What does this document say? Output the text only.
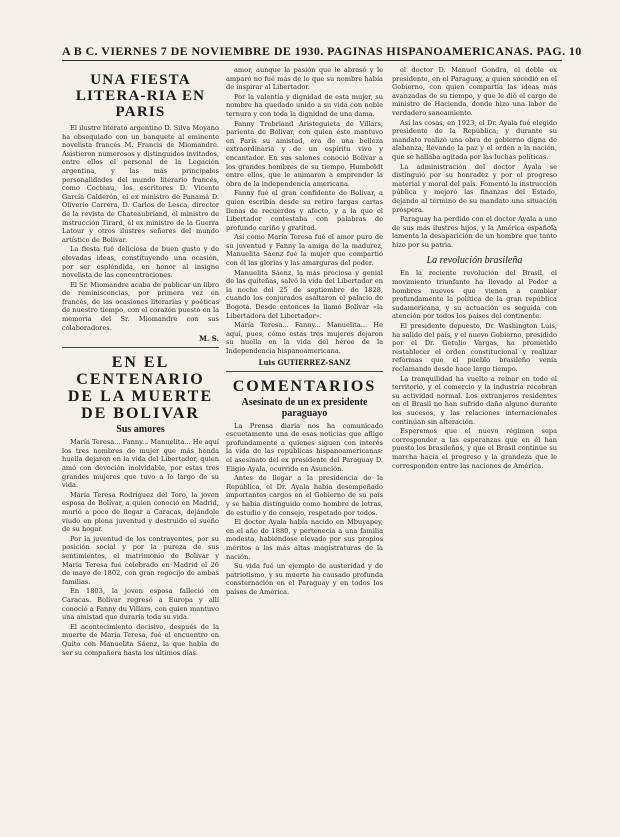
A B C. VIERNES 7 DE NOVIEMBRE DE 1930. PAGINAS HISPANOAMERICANAS. PAG. 10
UNA FIESTA LITERA-RIA EN PARIS
El ilustre literato argentino D. Silva Moyano ha obsequiado con un banquete al eminente novelista francés M. Francis de Miomandre. Asistieron numerosos y distinguidos invitados, entre ellos el personal de la Legación argentina, y las más principales personalidades del mundo literario francés, como Cocteau, los escritores D. Vicente García Calderón, el ex ministro de Panamá D. Oliverio Carrera, D. Carlos de Lesca, director de la revista de Chateaubriand, el ministro de instrucción Tirard, el ex ministro de la Guerra Latour y otros ilustres señores del mundo artístico de Bolivar.
La fiesta fué deliciosa de buen gusto y de elevadas ideas, constituyendo una ocasión, por ser espléndida, en honor al insigne novelista de las concentraciones.
El Sr. Miomandre acaba de publicar un libro de reminiscencias, por primera vez en francés, de las ocasiones literarias y poéticas de nuestro tiempo, con el corazón puesto en la memoria del Sr. Miomandre con sus colaboradores.
M. S.
EN EL CENTENARIO DE LA MUERTE DE BOLIVAR
Sus amores
María Teresa... Fanny... Manuelita... He aquí los tres nombres de mujer que más honda huella dejaron en la vida del Libertador, quien amó con devoción inolvidable, por estas tres grandes mujeres que tuvo a lo largo de su vida.
María Teresa Rodríguez del Toro, la joven esposa de Bolívar, a quien conoció en Madrid, murió a poco de llegar a Caracas, dejándole viudo en plena juventud y destruido el sueño de su hogar.
Por la juventud de los contrayentes, por su posición social y por la pureza de sus sentimientos, el matrimonio de Bolívar y María Teresa fué celebrado en Madrid el 26 de mayo de 1802, con gran regocijo de ambas familias.
En 1803, la joven esposa falleció en Caracas. Bolívar regresó a Europa y allí conoció a Fanny du Villars, con quien mantuvo una amistad que duraría toda su vida.
El acontecimiento decisivo, después de la muerte de María Teresa, fué el encuentro en Quito con Manuelita Sáenz, la que había de ser su compañera hasta los últimos días.
amor, aunque la pasión que le abrasó y le amparó no fué más de lo que su nombre había de inspirar al Libertador.
Por la valentía y dignidad de esta mujer, su nombre ha quedado unido a su vida con noble ternura y con toda la dignidad de una dama.
Fanny Trobriand Aristeguieta de Villars, parienta de Bolívar, con quien éste mantuvo en París su amistad, era de una belleza extraordinaria y de un espíritu vivo y encantador. En sus salones conoció Bolívar a los grandes hombres de su tiempo, Humboldt entre ellos, que le animaron a emprender la obra de la independencia americana.
Fanny fué el gran confidente de Bolívar, a quien escribía desde su retiro largas cartas llenas de recuerdos y afecto, y a la que el Libertador contestaba con palabras de profundo cariño y gratitud.
Así como María Teresa fué el amor puro de su juventud y Fanny la amiga de la madurez, Manuelita Sáenz fué la mujer que compartió con él las glorias y las amarguras del poder.
Manuelita Sáenz, la más preciosa y genial de las quiteñas, salvó la vida del Libertador en la noche del 25 de septiembre de 1828, cuando los conjurados asaltaron el palacio de Bogotá. Desde entonces la llamó Bolívar «la Libertadora del Libertador».
María Teresa... Fanny... Manuelita... He aquí, pues, cómo estas tres mujeres dejaron su huella en la vida del héroe de la Independencia hispanoamericana.
Luis GUTIERREZ-SANZ
COMENTARIOS
Asesinato de un ex presidente paraguayo
La Prensa diaria nos ha comunicado escuetamente una de esas noticias que aflige profundamente a quienes siguen con interés la vida de las repúblicas hispanoamericanas: el asesinato del ex presidente del Paraguay D. Eligio Ayala, ocurrido en Asunción.
Antes de llegar a la presidencia de la República, el Dr. Ayala había desempeñado importantes cargos en el Gobierno de su país y se había distinguido como hombre de letras, de estudio y de consejo, respetado por todos.
El doctor Ayala había nacido en Mbuyapey, en el año de 1880, y pertenecía a una familia modesta, habiéndose elevado por sus propios méritos a las más altas magistraturas de la nación.
Su vida fué un ejemplo de austeridad y de patriotismo, y su muerte ha causado profunda consternación en el Paraguay y en todos los países de América.
el doctor D. Manuel Gondra, el doble ex presidente, en el Paraguay, a quien sucedió en el Gobierno, con quien compartía las ideas más avanzadas de su tiempo, y que le dió el cargo de ministro de Hacienda, donde hizo una labor de verdadero saneamiento.
Así las cosas, en 1923, el Dr. Ayala fué elegido presidente de la República, y durante su mandato realizó una obra de gobierno digna de alabanza, llevando la paz y el orden a la nación, que se hallaba agitada por las luchas políticas.
La administración del doctor Ayala se distinguió por su honradez y por el progreso material y moral del país. Fomentó la instrucción pública y mejoró las finanzas del Estado, dejando al término de su mandato una situación próspera.
Paraguay ha perdido con el doctor Ayala a uno de sus más ilustres hijos, y la América española lamenta la desaparición de un hombre que tanto hizo por su patria.
La revolución brasileña
En la reciente revolución del Brasil, el movimiento triunfante ha llevado al Poder a hombres nuevos que vienen a cambiar profundamente la política de la gran república sudamericana, y su actuación es seguida con atención por todos los países del continente.
El presidente depuesto, Dr. Washington Luis, ha salido del país, y el nuevo Gobierno, presidido por el Dr. Getulio Vargas, ha prometido restablecer el orden constitucional y realizar reformas que el pueblo brasileño venía reclamando desde hace largo tiempo.
La tranquilidad ha vuelto a reinar en todo el territorio, y el comercio y la industria recobran su actividad normal. Los extranjeros residentes en el Brasil no han sufrido daño alguno durante los sucesos, y las relaciones internacionales continúan sin alteración.
Esperemos que el nuevo régimen sepa corresponder a las esperanzas que en él han puesto los brasileños, y que el Brasil continúe su marcha hacia el progreso y la grandeza que le corresponden entre las naciones de América.
